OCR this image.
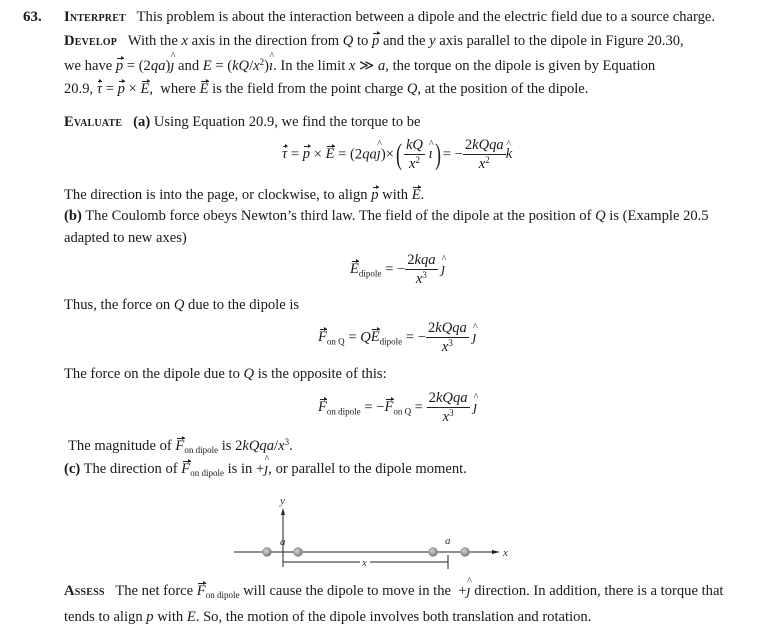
63. Interpret This problem is about the interaction between a dipole and the electric field due to a source charge.
Develop With the x axis in the direction from Q to p and the y axis parallel to the dipole in Figure 20.30,
we have p = (2qa)^ ȷ and $E = (kQ/x^2)\^{}$ ı. In the limit x ≫ a, the torque on the dipole is given by Equation
20.9, τ = p × E,  where E is the field from the point charge Q, at the position of the dipole.
Evaluate (a) Using Equation 20.9, we find the torque to be
τ = p × E = (2qa^ ȷ)×( $\frac{kQ}{x^2}$ ^ ı) = − $\frac{\text{2kQqa}}{x^2}$ ^ k
The direction is into the page, or clockwise, to align p with E.
(b) The Coulomb force obeys Newton’s third law. The field of the dipole at the position of Q is (Example 20.5
adapted to new axes)
$E_{dipole}$ = − $\frac{\text{2kqa}}{x^3}$ ^ ȷ
Thus, the force on Q due to the dipole is
$F_{on Q} = QE_{dipole}$ = − $\frac{\text{2kQqa}}{x^3}$ ^ ȷ
The force on the dipole due to Q is the opposite of this:
$F_{on dipole} = -F_{on Q} = \frac{\text{2kQqa}}{x^3}$ ^ ȷ
The magnitude of $F_{on dipole}$ is $2kQqa/x^3$.
(c) The direction of $F_{on dipole}$ is in +^ ȷ, or parallel to the dipole moment.
y
x
a	a
x
Assess The net force $F_{on dipole}$ will cause the dipole to move in the  +^ ȷ direction. In addition, there is a torque that
tends to align p with E. So, the motion of the dipole involves both translation and rotation.
